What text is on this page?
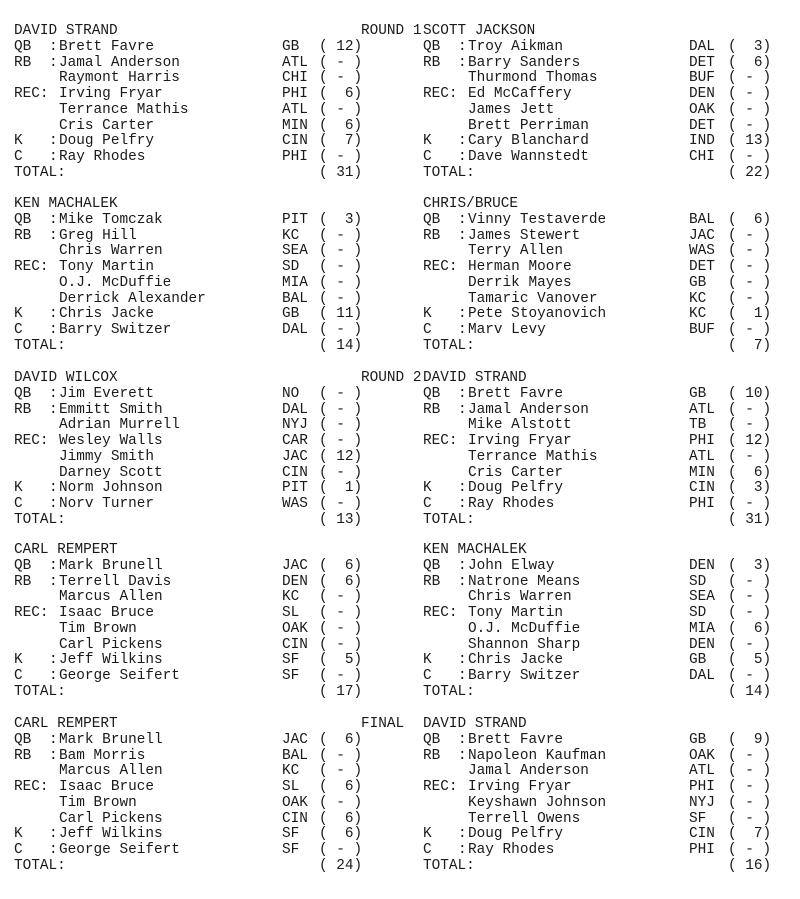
ROUND 1
ROUND 2
FINAL
DAVID STRAND
QB : Brett Favre	GB ( 12)
RB : Jamal Anderson	ATL ( - )
Raymont Harris	CHI ( - )
REC: Irving Fryar	PHI (  6)
Terrance Mathis	ATL ( - )
Cris Carter	MIN (  6)
K : Doug Pelfry	CIN (  7)
C : Ray Rhodes	PHI ( - )
TOTAL:	( 31)
SCOTT JACKSON
QB : Troy Aikman	DAL (  3)
RB : Barry Sanders	DET (  6)
Thurmond Thomas	BUF ( - )
REC: Ed McCaffery	DEN ( - )
James Jett	OAK ( - )
Brett Perriman	DET ( - )
K : Cary Blanchard	IND ( 13)
C : Dave Wannstedt	CHI ( - )
TOTAL:	( 22)
KEN MACHALEK
QB : Mike Tomczak	PIT (  3)
RB : Greg Hill	KC ( - )
Chris Warren	SEA ( - )
REC: Tony Martin	SD ( - )
O.J. McDuffie	MIA ( - )
Derrick Alexander	BAL ( - )
K : Chris Jacke	GB ( 11)
C : Barry Switzer	DAL ( - )
TOTAL:	( 14)
CHRIS/BRUCE
QB : Vinny Testaverde	BAL (  6)
RB : James Stewert	JAC ( - )
Terry Allen	WAS ( - )
REC: Herman Moore	DET ( - )
Derrik Mayes	GB ( - )
Tamaric Vanover	KC ( - )
K : Pete Stoyanovich	KC (  1)
C : Marv Levy	BUF ( - )
TOTAL:	(  7)
DAVID WILCOX
QB : Jim Everett	NO ( - )
RB : Emmitt Smith	DAL ( - )
Adrian Murrell	NYJ ( - )
REC: Wesley Walls	CAR ( - )
Jimmy Smith	JAC ( 12)
Darney Scott	CIN ( - )
K : Norm Johnson	PIT (  1)
C : Norv Turner	WAS ( - )
TOTAL:	( 13)
DAVID STRAND
QB : Brett Favre	GB ( 10)
RB : Jamal Anderson	ATL ( - )
Mike Alstott	TB ( - )
REC: Irving Fryar	PHI ( 12)
Terrance Mathis	ATL ( - )
Cris Carter	MIN (  6)
K : Doug Pelfry	CIN (  3)
C : Ray Rhodes	PHI ( - )
TOTAL:	( 31)
CARL REMPERT
QB : Mark Brunell	JAC (  6)
RB : Terrell Davis	DEN (  6)
Marcus Allen	KC ( - )
REC: Isaac Bruce	SL ( - )
Tim Brown	OAK ( - )
Carl Pickens	CIN ( - )
K : Jeff Wilkins	SF (  5)
C : George Seifert	SF ( - )
TOTAL:	( 17)
KEN MACHALEK
QB : John Elway	DEN (  3)
RB : Natrone Means	SD ( - )
Chris Warren	SEA ( - )
REC: Tony Martin	SD ( - )
O.J. McDuffie	MIA (  6)
Shannon Sharp	DEN ( - )
K : Chris Jacke	GB (  5)
C : Barry Switzer	DAL ( - )
TOTAL:	( 14)
CARL REMPERT
QB : Mark Brunell	JAC (  6)
RB : Bam Morris	BAL ( - )
Marcus Allen	KC ( - )
REC: Isaac Bruce	SL (  6)
Tim Brown	OAK ( - )
Carl Pickens	CIN (  6)
K : Jeff Wilkins	SF (  6)
C : George Seifert	SF ( - )
TOTAL:	( 24)
DAVID STRAND
QB : Brett Favre	GB (  9)
RB : Napoleon Kaufman	OAK ( - )
Jamal Anderson	ATL ( - )
REC: Irving Fryar	PHI ( - )
Keyshawn Johnson	NYJ ( - )
Terrell Owens	SF ( - )
K : Doug Pelfry	CIN (  7)
C : Ray Rhodes	PHI ( - )
TOTAL:	( 16)
